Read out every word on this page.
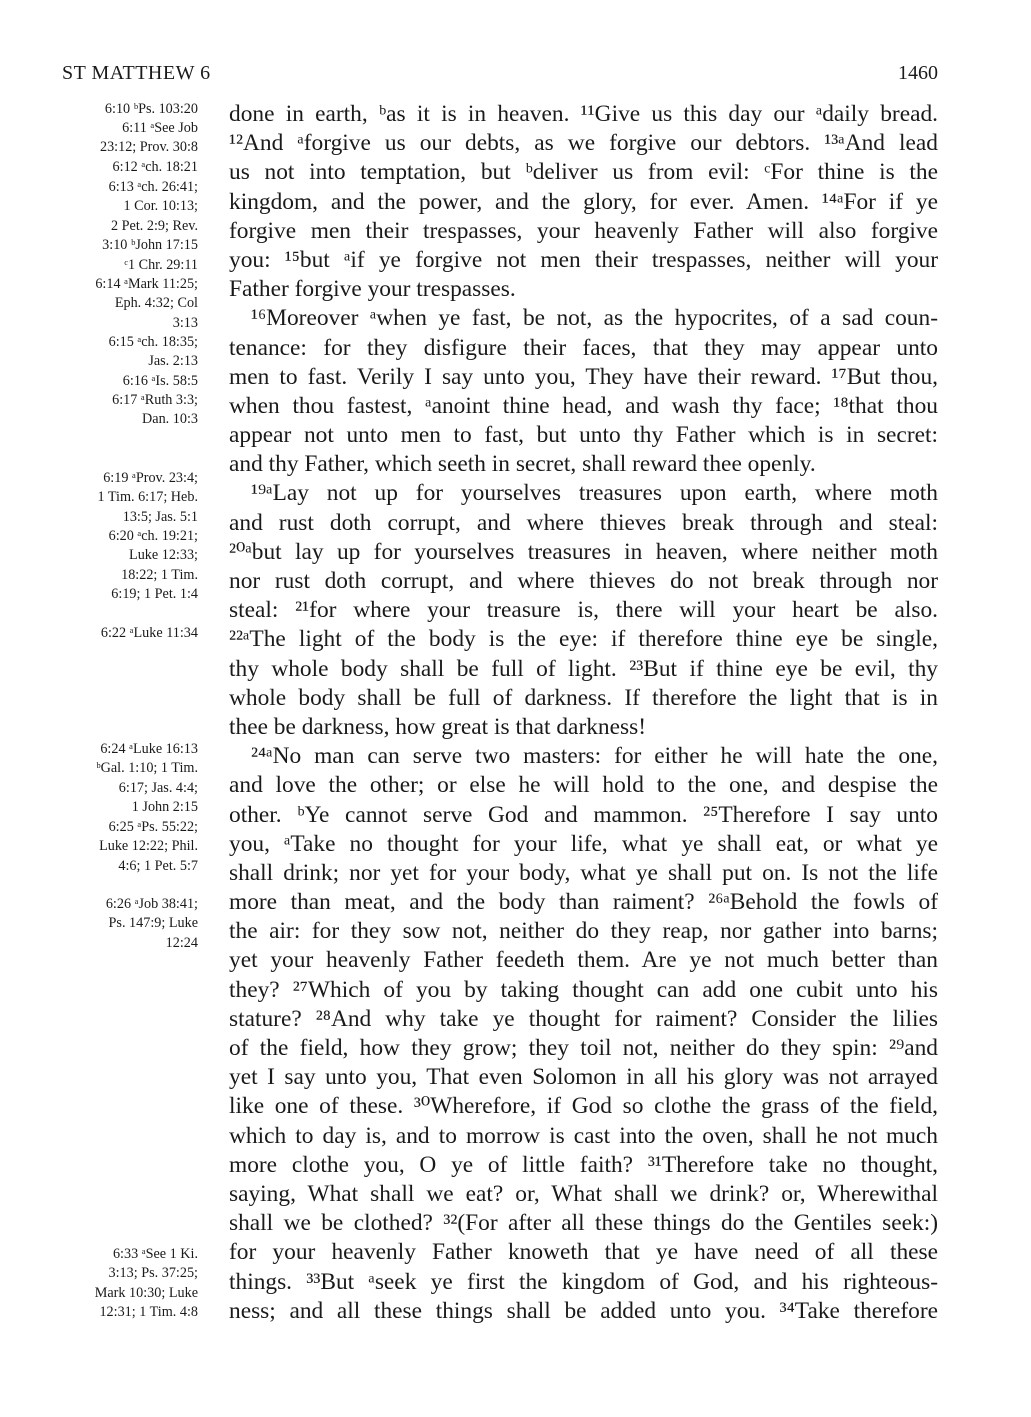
ST MATTHEW 6	1460
6:10 ᵇPs. 103:20
6:11 ᵃSee Job
23:12; Prov. 30:8
6:12 ᵃch. 18:21
6:13 ᵃch. 26:41;
1 Cor. 10:13;
2 Pet. 2:9; Rev.
3:10 ᵇJohn 17:15
ᶜ1 Chr. 29:11
6:14 ᵃMark 11:25;
Eph. 4:32; Col
3:13
6:15 ᵃch. 18:35;
Jas. 2:13
6:16 ᵃIs. 58:5
6:17 ᵃRuth 3:3;
Dan. 10:3
6:19 ᵃProv. 23:4;
1 Tim. 6:17; Heb.
13:5; Jas. 5:1
6:20 ᵃch. 19:21;
Luke 12:33;
18:22; 1 Tim.
6:19; 1 Pet. 1:4
6:22 ᵃLuke 11:34
6:24 ᵃLuke 16:13
ᵇGal. 1:10; 1 Tim.
6:17; Jas. 4:4;
1 John 2:15
6:25 ᵃPs. 55:22;
Luke 12:22; Phil.
4:6; 1 Pet. 5:7
6:26 ᵃJob 38:41;
Ps. 147:9; Luke
12:24
6:33 ᵃSee 1 Ki.
3:13; Ps. 37:25;
Mark 10:30; Luke
12:31; 1 Tim. 4:8
done in earth, ᵇas it is in heaven. ¹¹Give us this day our ᵃdaily bread.
¹²And ᵃforgive us our debts, as we forgive our debtors. ¹³ᵃAnd lead
us not into temptation, but ᵇdeliver us from evil: ᶜFor thine is the
kingdom, and the power, and the glory, for ever. Amen. ¹⁴ᵃFor if ye
forgive men their trespasses, your heavenly Father will also forgive
you: ¹⁵but ᵃif ye forgive not men their trespasses, neither will your
Father forgive your trespasses.
¹⁶Moreover ᵃwhen ye fast, be not, as the hypocrites, of a sad coun-
tenance: for they disfigure their faces, that they may appear unto
men to fast. Verily I say unto you, They have their reward. ¹⁷But thou,
when thou fastest, ᵃanoint thine head, and wash thy face; ¹⁸that thou
appear not unto men to fast, but unto thy Father which is in secret:
and thy Father, which seeth in secret, shall reward thee openly.
¹⁹ᵃLay not up for yourselves treasures upon earth, where moth
and rust doth corrupt, and where thieves break through and steal:
²⁰ᵃbut lay up for yourselves treasures in heaven, where neither moth
nor rust doth corrupt, and where thieves do not break through nor
steal: ²¹for where your treasure is, there will your heart be also.
²²ᵃThe light of the body is the eye: if therefore thine eye be single,
thy whole body shall be full of light. ²³But if thine eye be evil, thy
whole body shall be full of darkness. If therefore the light that is in
thee be darkness, how great is that darkness!
²⁴ᵃNo man can serve two masters: for either he will hate the one,
and love the other; or else he will hold to the one, and despise the
other. ᵇYe cannot serve God and mammon. ²⁵Therefore I say unto
you, ᵃTake no thought for your life, what ye shall eat, or what ye
shall drink; nor yet for your body, what ye shall put on. Is not the life
more than meat, and the body than raiment? ²⁶ᵃBehold the fowls of
the air: for they sow not, neither do they reap, nor gather into barns;
yet your heavenly Father feedeth them. Are ye not much better than
they? ²⁷Which of you by taking thought can add one cubit unto his
stature? ²⁸And why take ye thought for raiment? Consider the lilies
of the field, how they grow; they toil not, neither do they spin: ²⁹and
yet I say unto you, That even Solomon in all his glory was not arrayed
like one of these. ³⁰Wherefore, if God so clothe the grass of the field,
which to day is, and to morrow is cast into the oven, shall he not much
more clothe you, O ye of little faith? ³¹Therefore take no thought,
saying, What shall we eat? or, What shall we drink? or, Wherewithal
shall we be clothed? ³²(For after all these things do the Gentiles seek:)
for your heavenly Father knoweth that ye have need of all these
things. ³³But ᵃseek ye first the kingdom of God, and his righteous-
ness; and all these things shall be added unto you. ³⁴Take therefore
